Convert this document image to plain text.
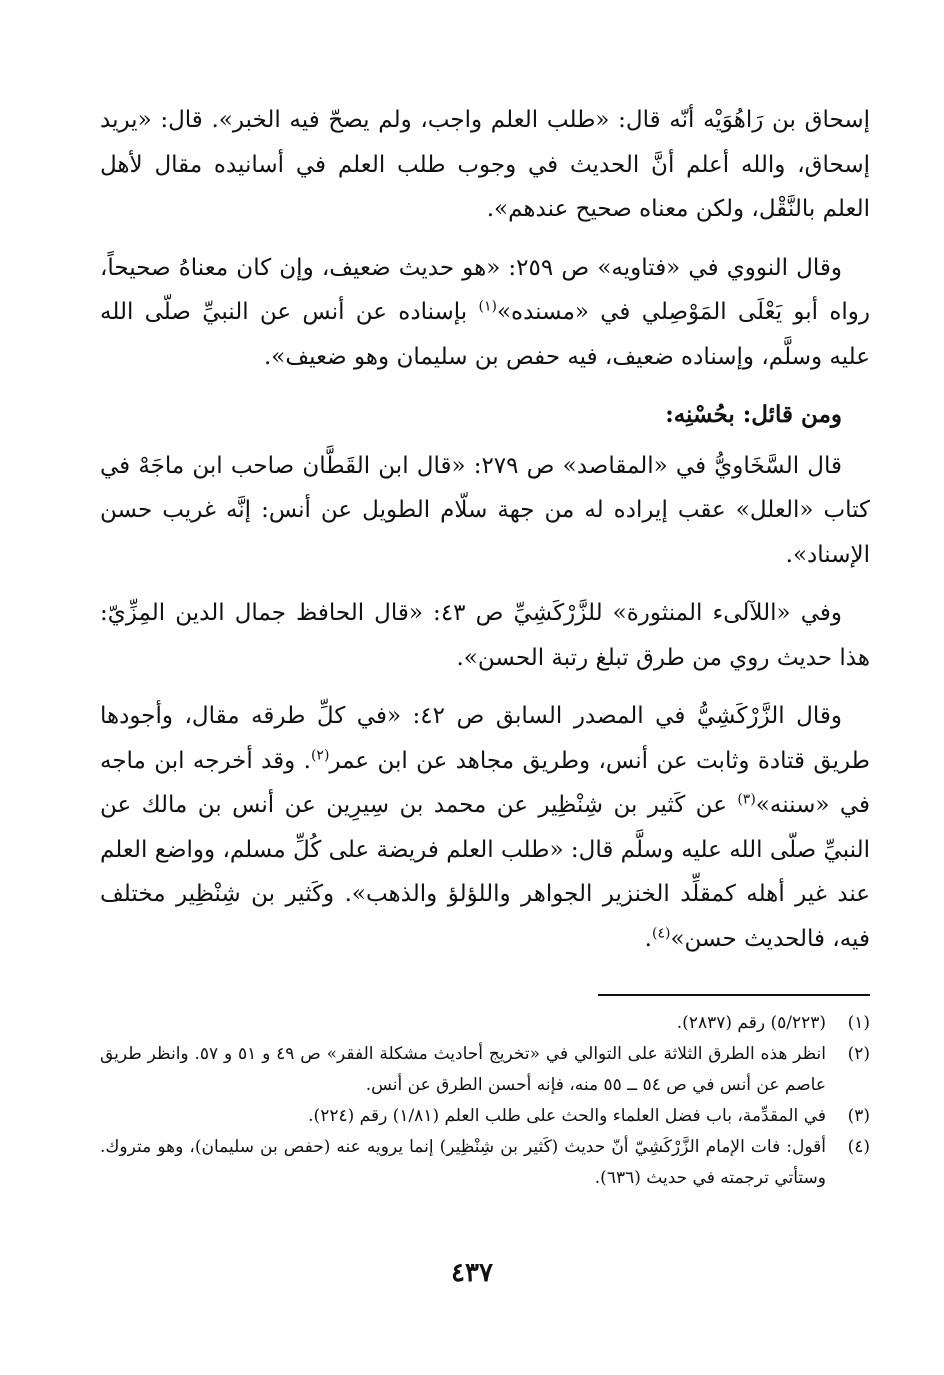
إسحاق بن رَاهُوَيْه أنّه قال: «طلب العلم واجب، ولم يصحّ فيه الخبر». قال: «يريد إسحاق، والله أعلم أنَّ الحديث في وجوب طلب العلم في أسانيده مقال لأهل العلم بالنَّقْل، ولكن معناه صحيح عندهم».

وقال النووي في «فتاويه» ص ٢٥٩: «هو حديث ضعيف، وإن كان معناهُ صحيحاً، رواه أبو يَعْلَى المَوْصِلي في «مسنده»$^{(١)}$ بإسناده عن أنس عن النبيِّ صلّى الله عليه وسلَّم، وإسناده ضعيف، فيه حفص بن سليمان وهو ضعيف».

ومن قائل: بحُسْنِه:

قال السَّخَاويُّ في «المقاصد» ص ٢٧٩: «قال ابن القَطَّان صاحب ابن ماجَهْ في كتاب «العلل» عقب إيراده له من جهة سلّام الطويل عن أنس: إنَّه غريب حسن الإسناد».

وفي «اللآلىء المنثورة» للزَّرْكَشِيِّ ص ٤٣: «قال الحافظ جمال الدين المِزِّيّ: هذا حديث روي من طرق تبلغ رتبة الحسن».

وقال الزَّرْكَشِيُّ في المصدر السابق ص ٤٢: «في كلِّ طرقه مقال، وأجودها طريق قتادة وثابت عن أنس، وطريق مجاهد عن ابن عمر$^{(٢)}$. وقد أخرجه ابن ماجه في «سننه»$^{(٣)}$ عن كَثير بن شِنْظِير عن محمد بن سِيرِين عن أنس بن مالك عن النبيِّ صلّى الله عليه وسلَّم قال: «طلب العلم فريضة على كُلِّ مسلم، وواضع العلم عند غير أهله كمقلِّد الخنزير الجواهر واللؤلؤ والذهب». وكَثير بن شِنْظِير مختلف فيه، فالحديث حسن»$^{(٤)}$.

(١)
(٥/٢٢٣) رقم (٢٨٣٧).
(٢)
انظر هذه الطرق الثلاثة على التوالي في «تخريج أحاديث مشكلة الفقر» ص ٤٩ و ٥١ و ٥٧. وانظر طريق عاصم عن أنس في ص ٥٤ ــ ٥٥ منه، فإنه أحسن الطرق عن أنس.
(٣)
في المقدِّمة، باب فضل العلماء والحث على طلب العلم (١/٨١) رقم (٢٢٤).
(٤)
أقول: فات الإمام الزَّرْكَشِيّ أنّ حديث (كَثير بن شِنْظِير) إنما يرويه عنه (حفص بن سليمان)، وهو متروك. وستأتي ترجمته في حديث (٦٣٦).
٤٣٧
